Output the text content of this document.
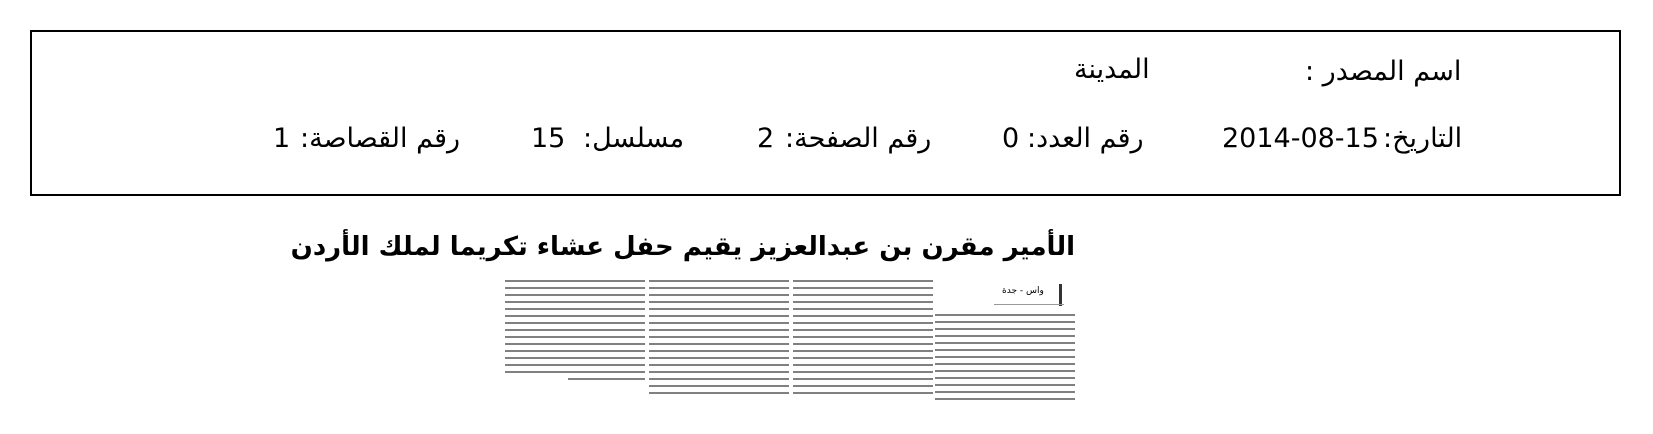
اسم المصدر :
المدينة
التاريخ:
2014-08-15
رقم العدد:
0
رقم الصفحة:
2
مسلسل:
15
رقم القصاصة:
1
الأمير مقرن بن عبدالعزيز يقيم حفل عشاء تكريما لملك الأردن
واس - جدة
